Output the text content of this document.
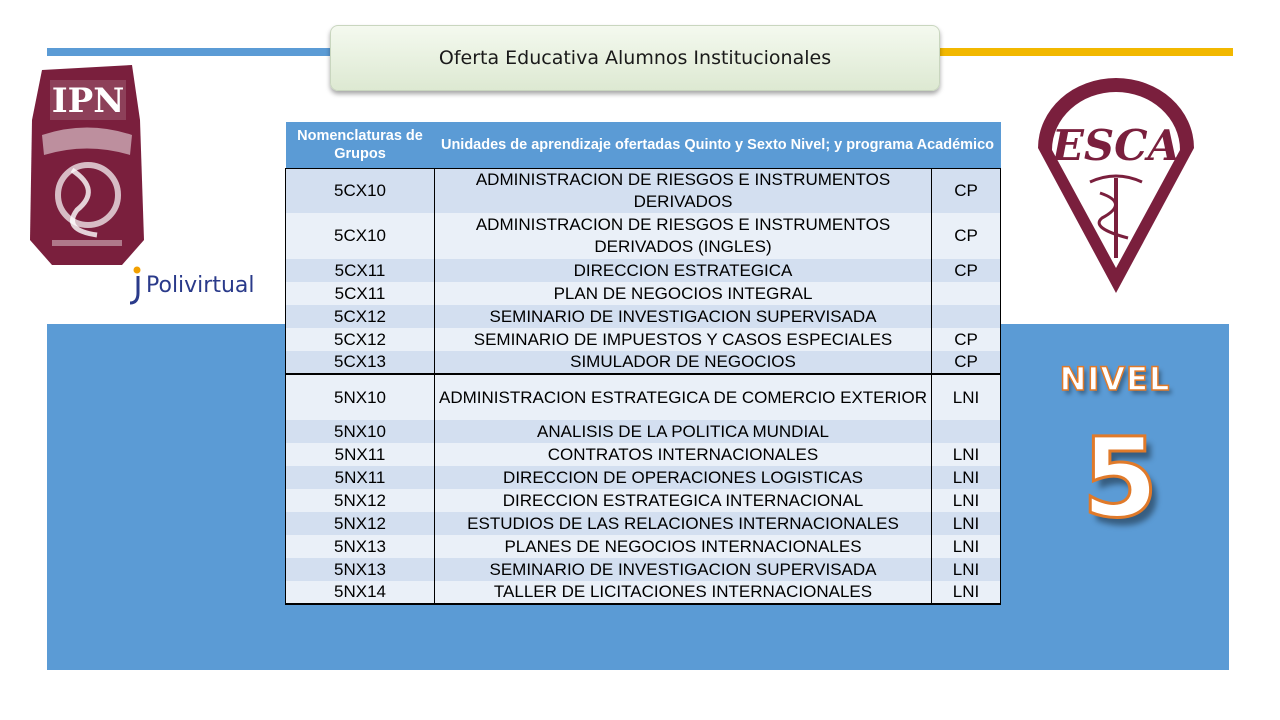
Oferta Educativa Alumnos Institucionales
IPN
Polivirtual
ESCA
NIVEL
5
Nomenclaturas de Grupos	Unidades de aprendizaje ofertadas Quinto y Sexto Nivel; y programa Académico	
5CX10	ADMINISTRACION DE RIESGOS E INSTRUMENTOS DERIVADOS	CP
5CX10	ADMINISTRACION DE RIESGOS E INSTRUMENTOS DERIVADOS (INGLES)	CP
5CX11	DIRECCION ESTRATEGICA	CP
5CX11	PLAN DE NEGOCIOS INTEGRAL	
5CX12	SEMINARIO DE INVESTIGACION SUPERVISADA	
5CX12	SEMINARIO DE IMPUESTOS Y CASOS ESPECIALES	CP
5CX13	SIMULADOR DE NEGOCIOS	CP
5NX10	ADMINISTRACION ESTRATEGICA DE COMERCIO EXTERIOR	LNI
5NX10	ANALISIS DE LA POLITICA MUNDIAL	
5NX11	CONTRATOS INTERNACIONALES	LNI
5NX11	DIRECCION DE OPERACIONES LOGISTICAS	LNI
5NX12	DIRECCION ESTRATEGICA INTERNACIONAL	LNI
5NX12	ESTUDIOS DE LAS RELACIONES INTERNACIONALES	LNI
5NX13	PLANES DE NEGOCIOS INTERNACIONALES	LNI
5NX13	SEMINARIO DE INVESTIGACION SUPERVISADA	LNI
5NX14	TALLER DE LICITACIONES INTERNACIONALES	LNI
